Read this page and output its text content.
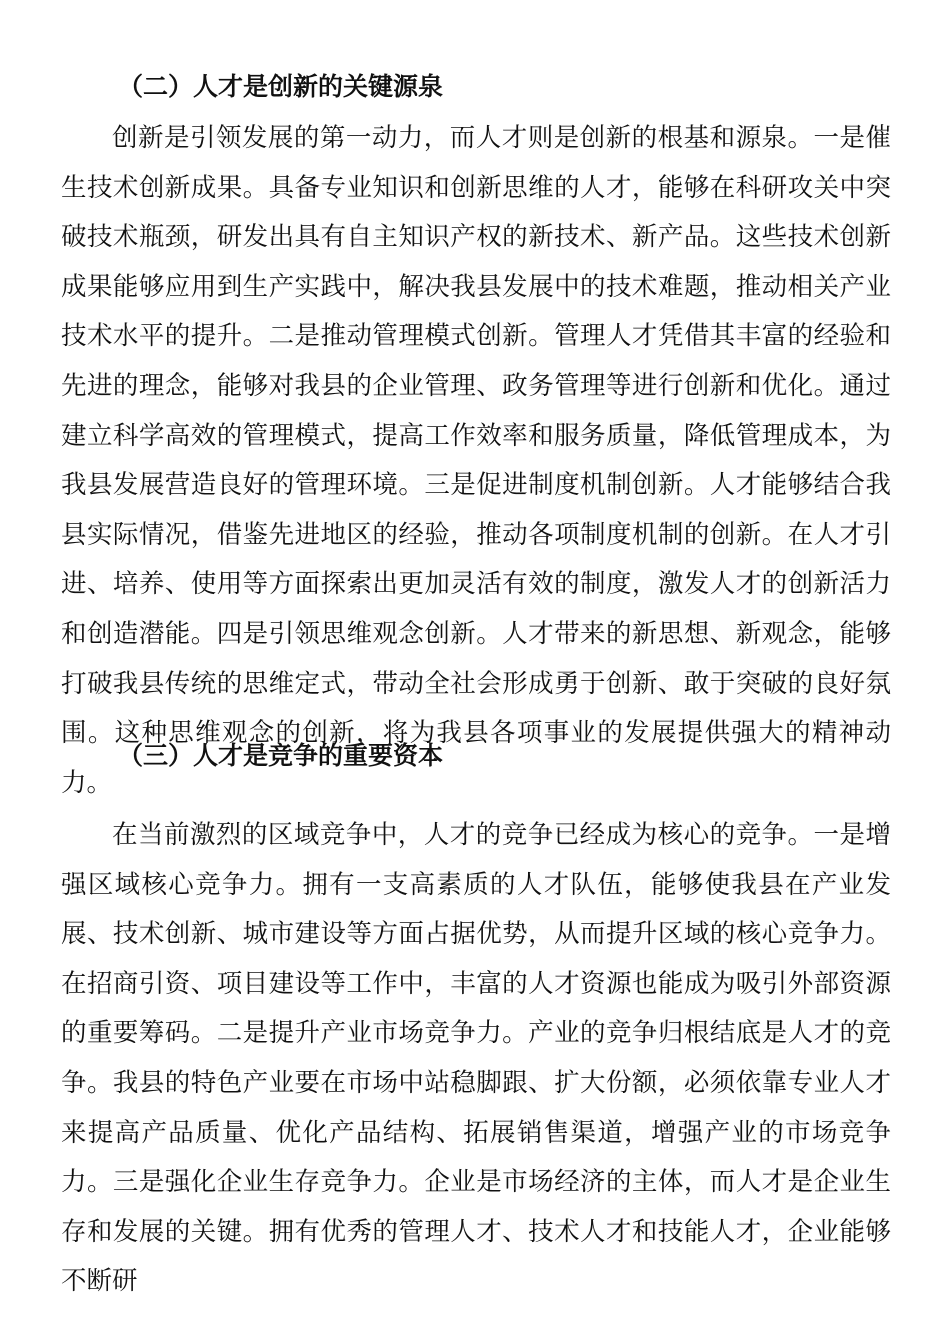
（二）人才是创新的关键源泉
创新是引领发展的第一动力，而人才则是创新的根基和源泉。一是催生技术创新成果。具备专业知识和创新思维的人才，能够在科研攻关中突破技术瓶颈，研发出具有自主知识产权的新技术、新产品。这些技术创新成果能够应用到生产实践中，解决我县发展中的技术难题，推动相关产业技术水平的提升。二是推动管理模式创新。管理人才凭借其丰富的经验和先进的理念，能够对我县的企业管理、政务管理等进行创新和优化。通过建立科学高效的管理模式，提高工作效率和服务质量，降低管理成本，为我县发展营造良好的管理环境。三是促进制度机制创新。人才能够结合我县实际情况，借鉴先进地区的经验，推动各项制度机制的创新。在人才引进、培养、使用等方面探索出更加灵活有效的制度，激发人才的创新活力和创造潜能。四是引领思维观念创新。人才带来的新思想、新观念，能够打破我县传统的思维定式，带动全社会形成勇于创新、敢于突破的良好氛围。这种思维观念的创新，将为我县各项事业的发展提供强大的精神动力。
（三）人才是竞争的重要资本
在当前激烈的区域竞争中，人才的竞争已经成为核心的竞争。一是增强区域核心竞争力。拥有一支高素质的人才队伍，能够使我县在产业发展、技术创新、城市建设等方面占据优势，从而提升区域的核心竞争力。在招商引资、项目建设等工作中，丰富的人才资源也能成为吸引外部资源的重要筹码。二是提升产业市场竞争力。产业的竞争归根结底是人才的竞争。我县的特色产业要在市场中站稳脚跟、扩大份额，必须依靠专业人才来提高产品质量、优化产品结构、拓展销售渠道，增强产业的市场竞争力。三是强化企业生存竞争力。企业是市场经济的主体，而人才是企业生存和发展的关键。拥有优秀的管理人才、技术人才和技能人才，企业能够不断研
